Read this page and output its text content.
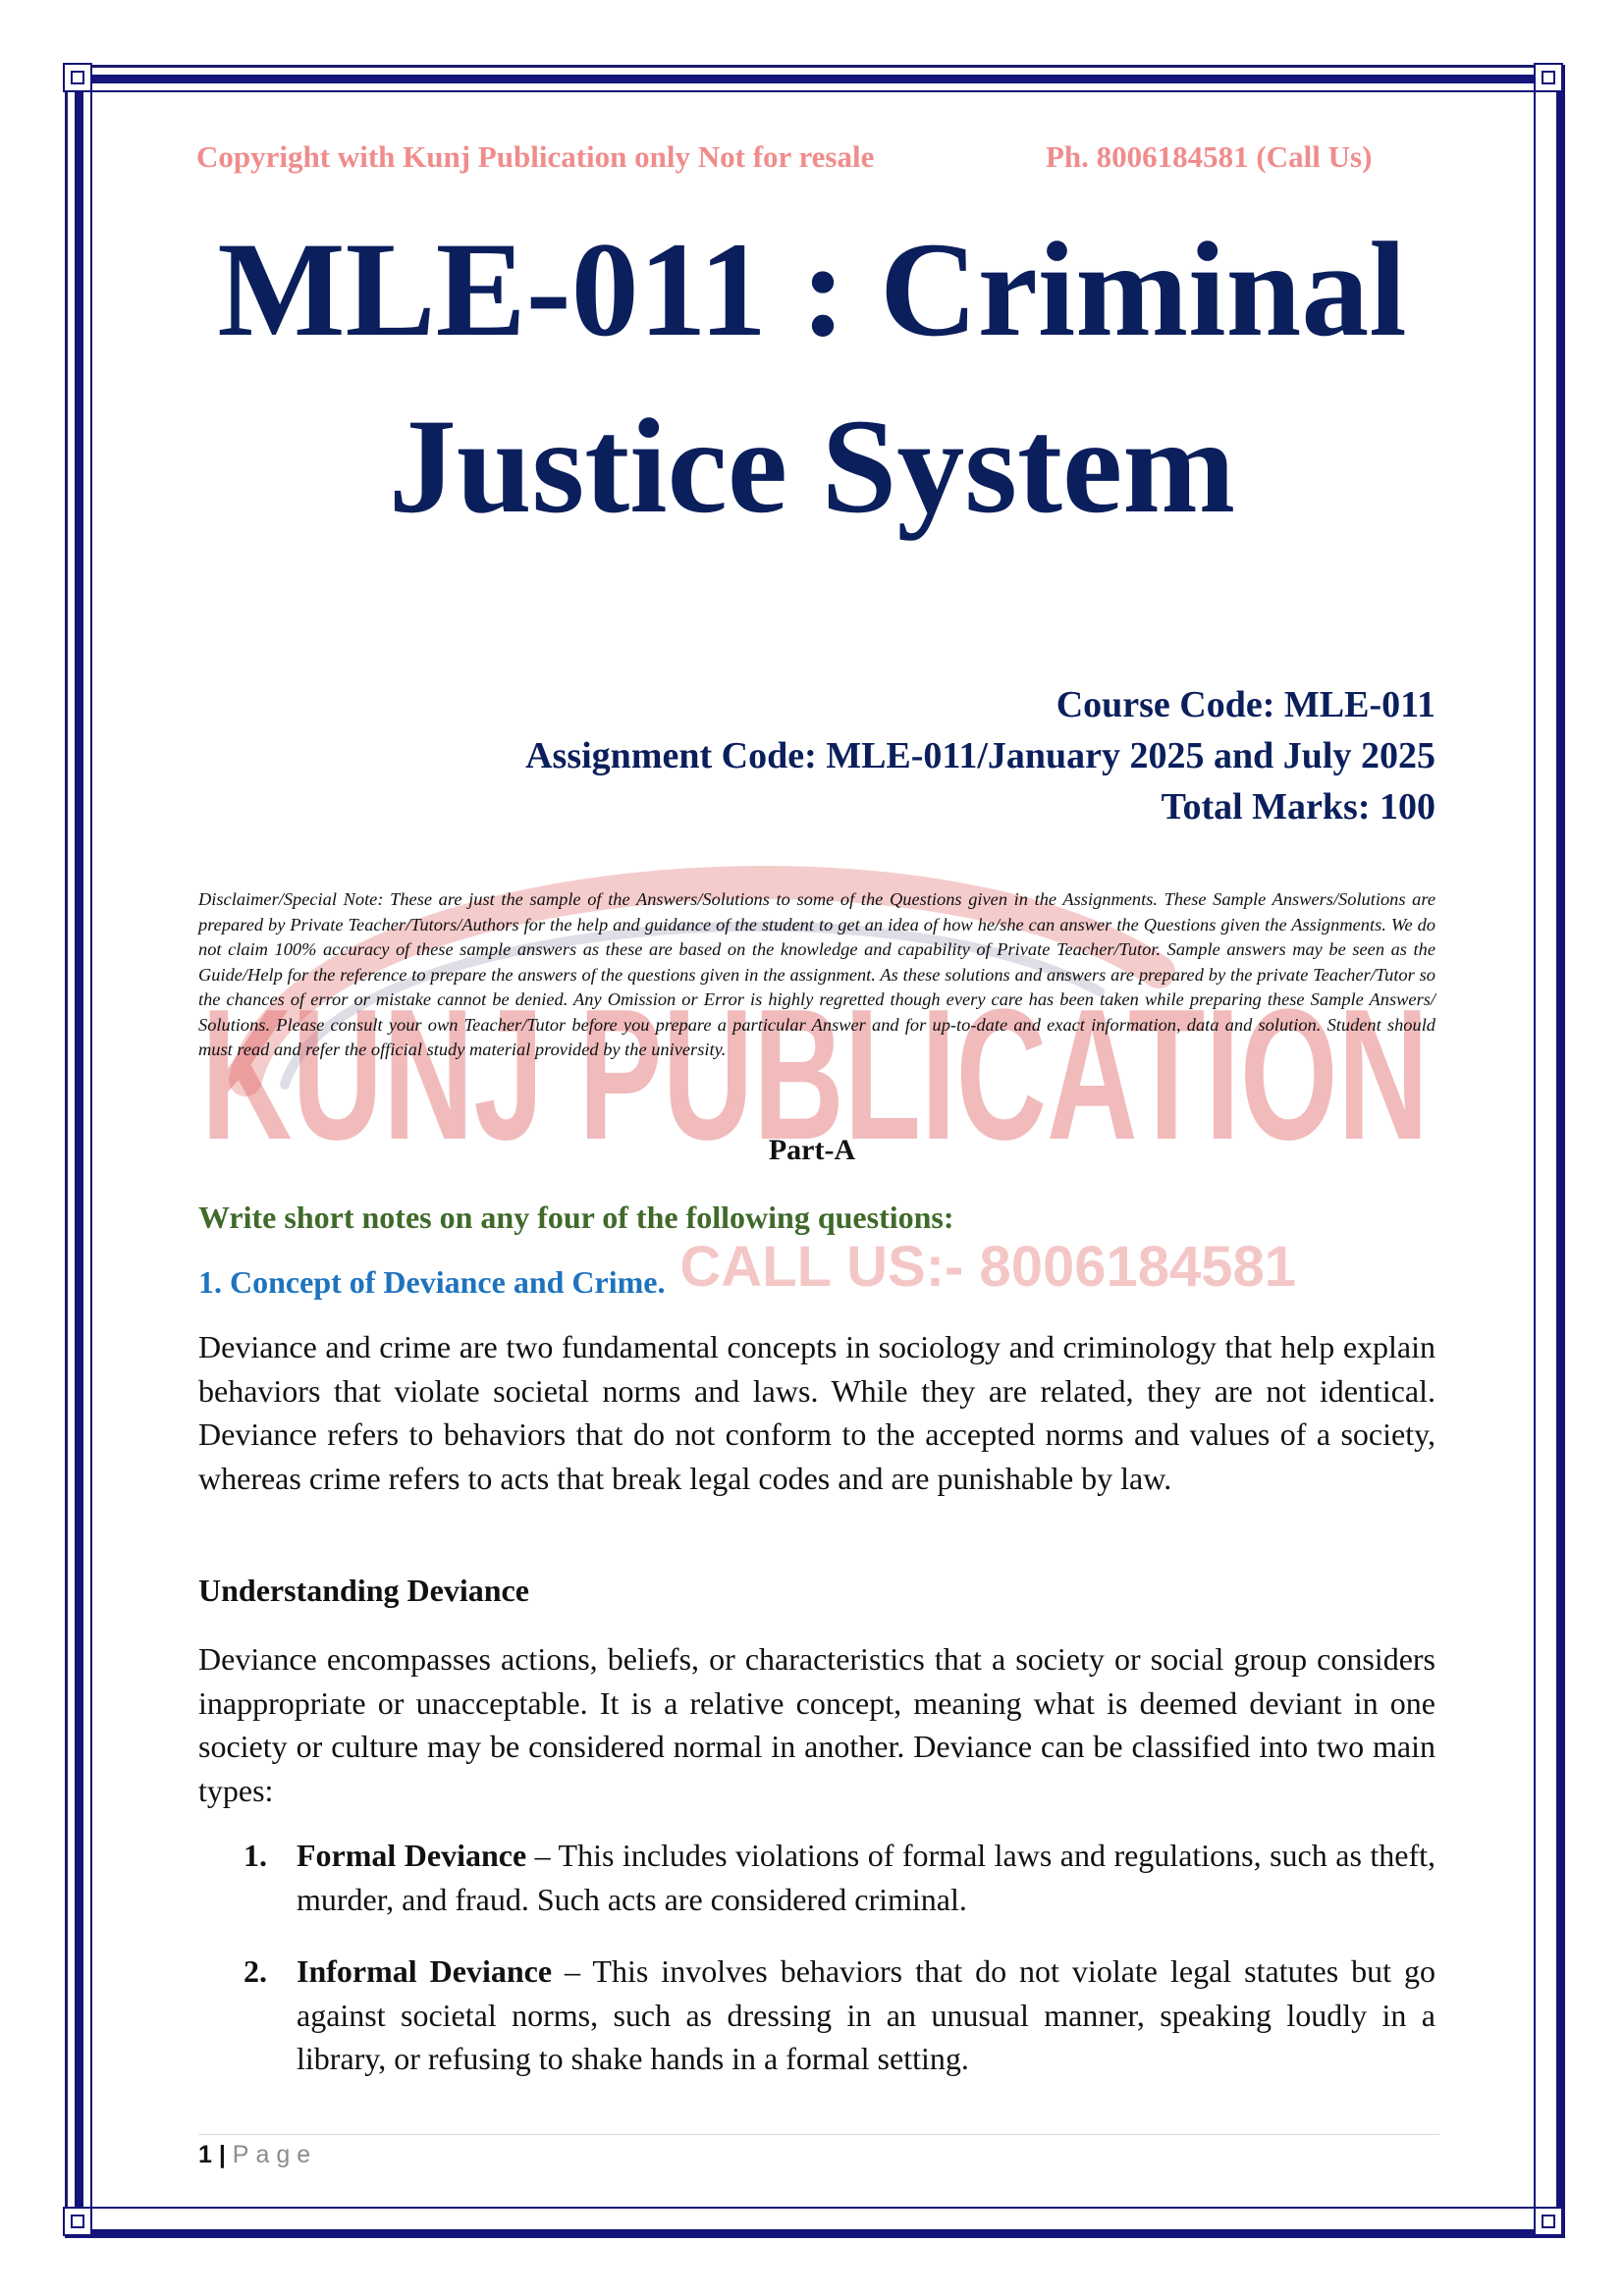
KUNJ PUBLICATION
CALL US:- 8006184581
Copyright with Kunj Publication only Not for resale	Ph. 8006184581 (Call Us)
MLE-011 : Criminal
Justice System
Course Code: MLE-011
Assignment Code: MLE-011/January 2025 and July 2025
Total Marks: 100
Disclaimer/Special Note: These are just the sample of the Answers/Solutions to some of the Questions given in the Assignments. These Sample Answers/Solutions are prepared by Private Teacher/Tutors/Authors for the help and guidance of the student to get an idea of how he/she can answer the Questions given the Assignments. We do not claim 100% accuracy of these sample answers as these are based on the knowledge and capability of Private Teacher/Tutor. Sample answers may be seen as the Guide/Help for the reference to prepare the answers of the questions given in the assignment. As these solutions and answers are prepared by the private Teacher/Tutor so the chances of error or mistake cannot be denied. Any Omission or Error is highly regretted though every care has been taken while preparing these Sample Answers/ Solutions. Please consult your own Teacher/Tutor before you prepare a particular Answer and for up-to-date and exact information, data and solution. Student should must read and refer the official study material provided by the university.
Part-A
Write short notes on any four of the following questions:
1. Concept of Deviance and Crime.
Deviance and crime are two fundamental concepts in sociology and criminology that help explain behaviors that violate societal norms and laws. While they are related, they are not identical. Deviance refers to behaviors that do not conform to the accepted norms and values of a society, whereas crime refers to acts that break legal codes and are punishable by law.
Understanding Deviance
Deviance encompasses actions, beliefs, or characteristics that a society or social group considers inappropriate or unacceptable. It is a relative concept, meaning what is deemed deviant in one society or culture may be considered normal in another. Deviance can be classified into two main types:
1. Formal Deviance – This includes violations of formal laws and regulations, such as theft, murder, and fraud. Such acts are considered criminal.
2. Informal Deviance – This involves behaviors that do not violate legal statutes but go against societal norms, such as dressing in an unusual manner, speaking loudly in a library, or refusing to shake hands in a formal setting.
1 | Page
